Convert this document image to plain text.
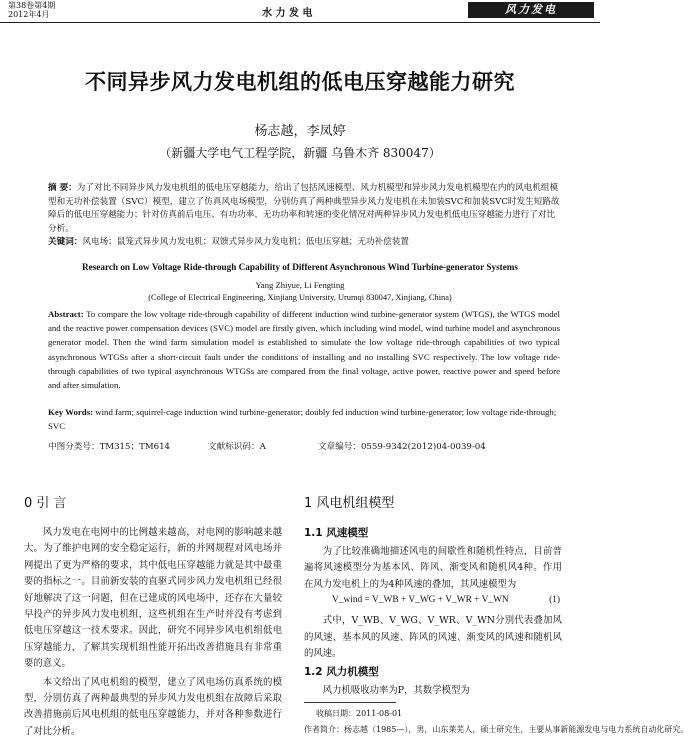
第38卷第4期
2012年4月	水 力 发 电	风力发电
不同异步风力发电机组的低电压穿越能力研究
杨志越，李凤婷
（新疆大学电气工程学院，新疆 乌鲁木齐 830047）
摘 要：为了对比不同异步风力发电机组的低电压穿越能力，给出了包括风速模型、风力机模型和异步风力发电机模型在内的风电机组模型和无功补偿装置（SVC）模型，建立了仿真风电场模型，分别仿真了两种典型异步风力发电机在未加装SVC和加装SVC时发生短路故障后的低电压穿越能力；针对仿真前后电压、有功功率、无功功率和转速的变化情况对两种异步风力发电机低电压穿越能力进行了对比分析。
关键词：风电场；鼠笼式异步风力发电机；双馈式异步风力发电机；低电压穿越；无功补偿装置
Research on Low Voltage Ride-through Capability of Different Asynchronous Wind Turbine-generator Systems
Yang Zhiyue, Li Fengting
(College of Electrical Engineering, Xinjiang University, Urumqi 830047, Xinjiang, China)
Abstract: To compare the low voltage ride-through capability of different induction wind turbine-generator system (WTGS), the WTGS model and the reactive power compensation devices (SVC) model are firstly given, which including wind model, wind turbine model and asynchronous generator model. Then the wind farm simulation model is established to simulate the low voltage ride-through capabilities of two typical asynchronous WTGSs after a short-circuit fault under the conditions of installing and no installing SVC respectively. The low voltage ride-through capabilities of two typical asynchronous WTGSs are compared from the final voltage, active power, reactive power and speed before and after simulation.
Key Words: wind farm; squirrel-cage induction wind turbine-generator; doubly fed induction wind turbine-generator; low voltage ride-through; SVC
中图分类号：TM315；TM614	文献标识码：A	文章编号：0559-9342(2012)04-0039-04
0 引 言

风力发电在电网中的比例越来越高，对电网的影响越来越大。为了维护电网的安全稳定运行，新的并网规程对风电场并网提出了更为严格的要求，其中低电压穿越能力就是其中最重要的指标之一。目前新安装的直驱式同步风力发电机组已经很好地解决了这一问题，但在已建成的风电场中，还存在大量较早投产的异步风力发电机组，这些机组在生产时并没有考虑到低电压穿越这一技术要求。因此，研究不同异步风电机组低电压穿越能力，了解其实现机组性能开拓出改善措施具有非常重要的意义。

本文给出了风电机组的模型，建立了风电场仿真系统的模型，分别仿真了两种最典型的异步风力发电机组在故障后采取改善措施前后风电机组的低电压穿越能力，并对各种参数进行了对比分析。

1 风电机组模型
1.1 风速模型

为了比较准确地描述风电的间歇性和随机性特点，目前普遍将风速模型分为基本风、阵风、渐变风和随机风4种。作用在风力发电机上的为4种风速的叠加，其风速模型为

V_wind = V_WB + V_WG + V_WR + V_WN	(1)

式中，V_WB、V_WG、V_WR、V_WN分别代表叠加风的风速、基本风的风速、阵风的风速、渐变风的风速和随机风的风速。

1.2 风力机模型

风力机吸收功率为P，其数学模型为

收稿日期：2011-08-01
作者简介：杨志越（1985—），男，山东莱芜人，硕士研究生，主要从事新能源发电与电力系统自动化研究。
